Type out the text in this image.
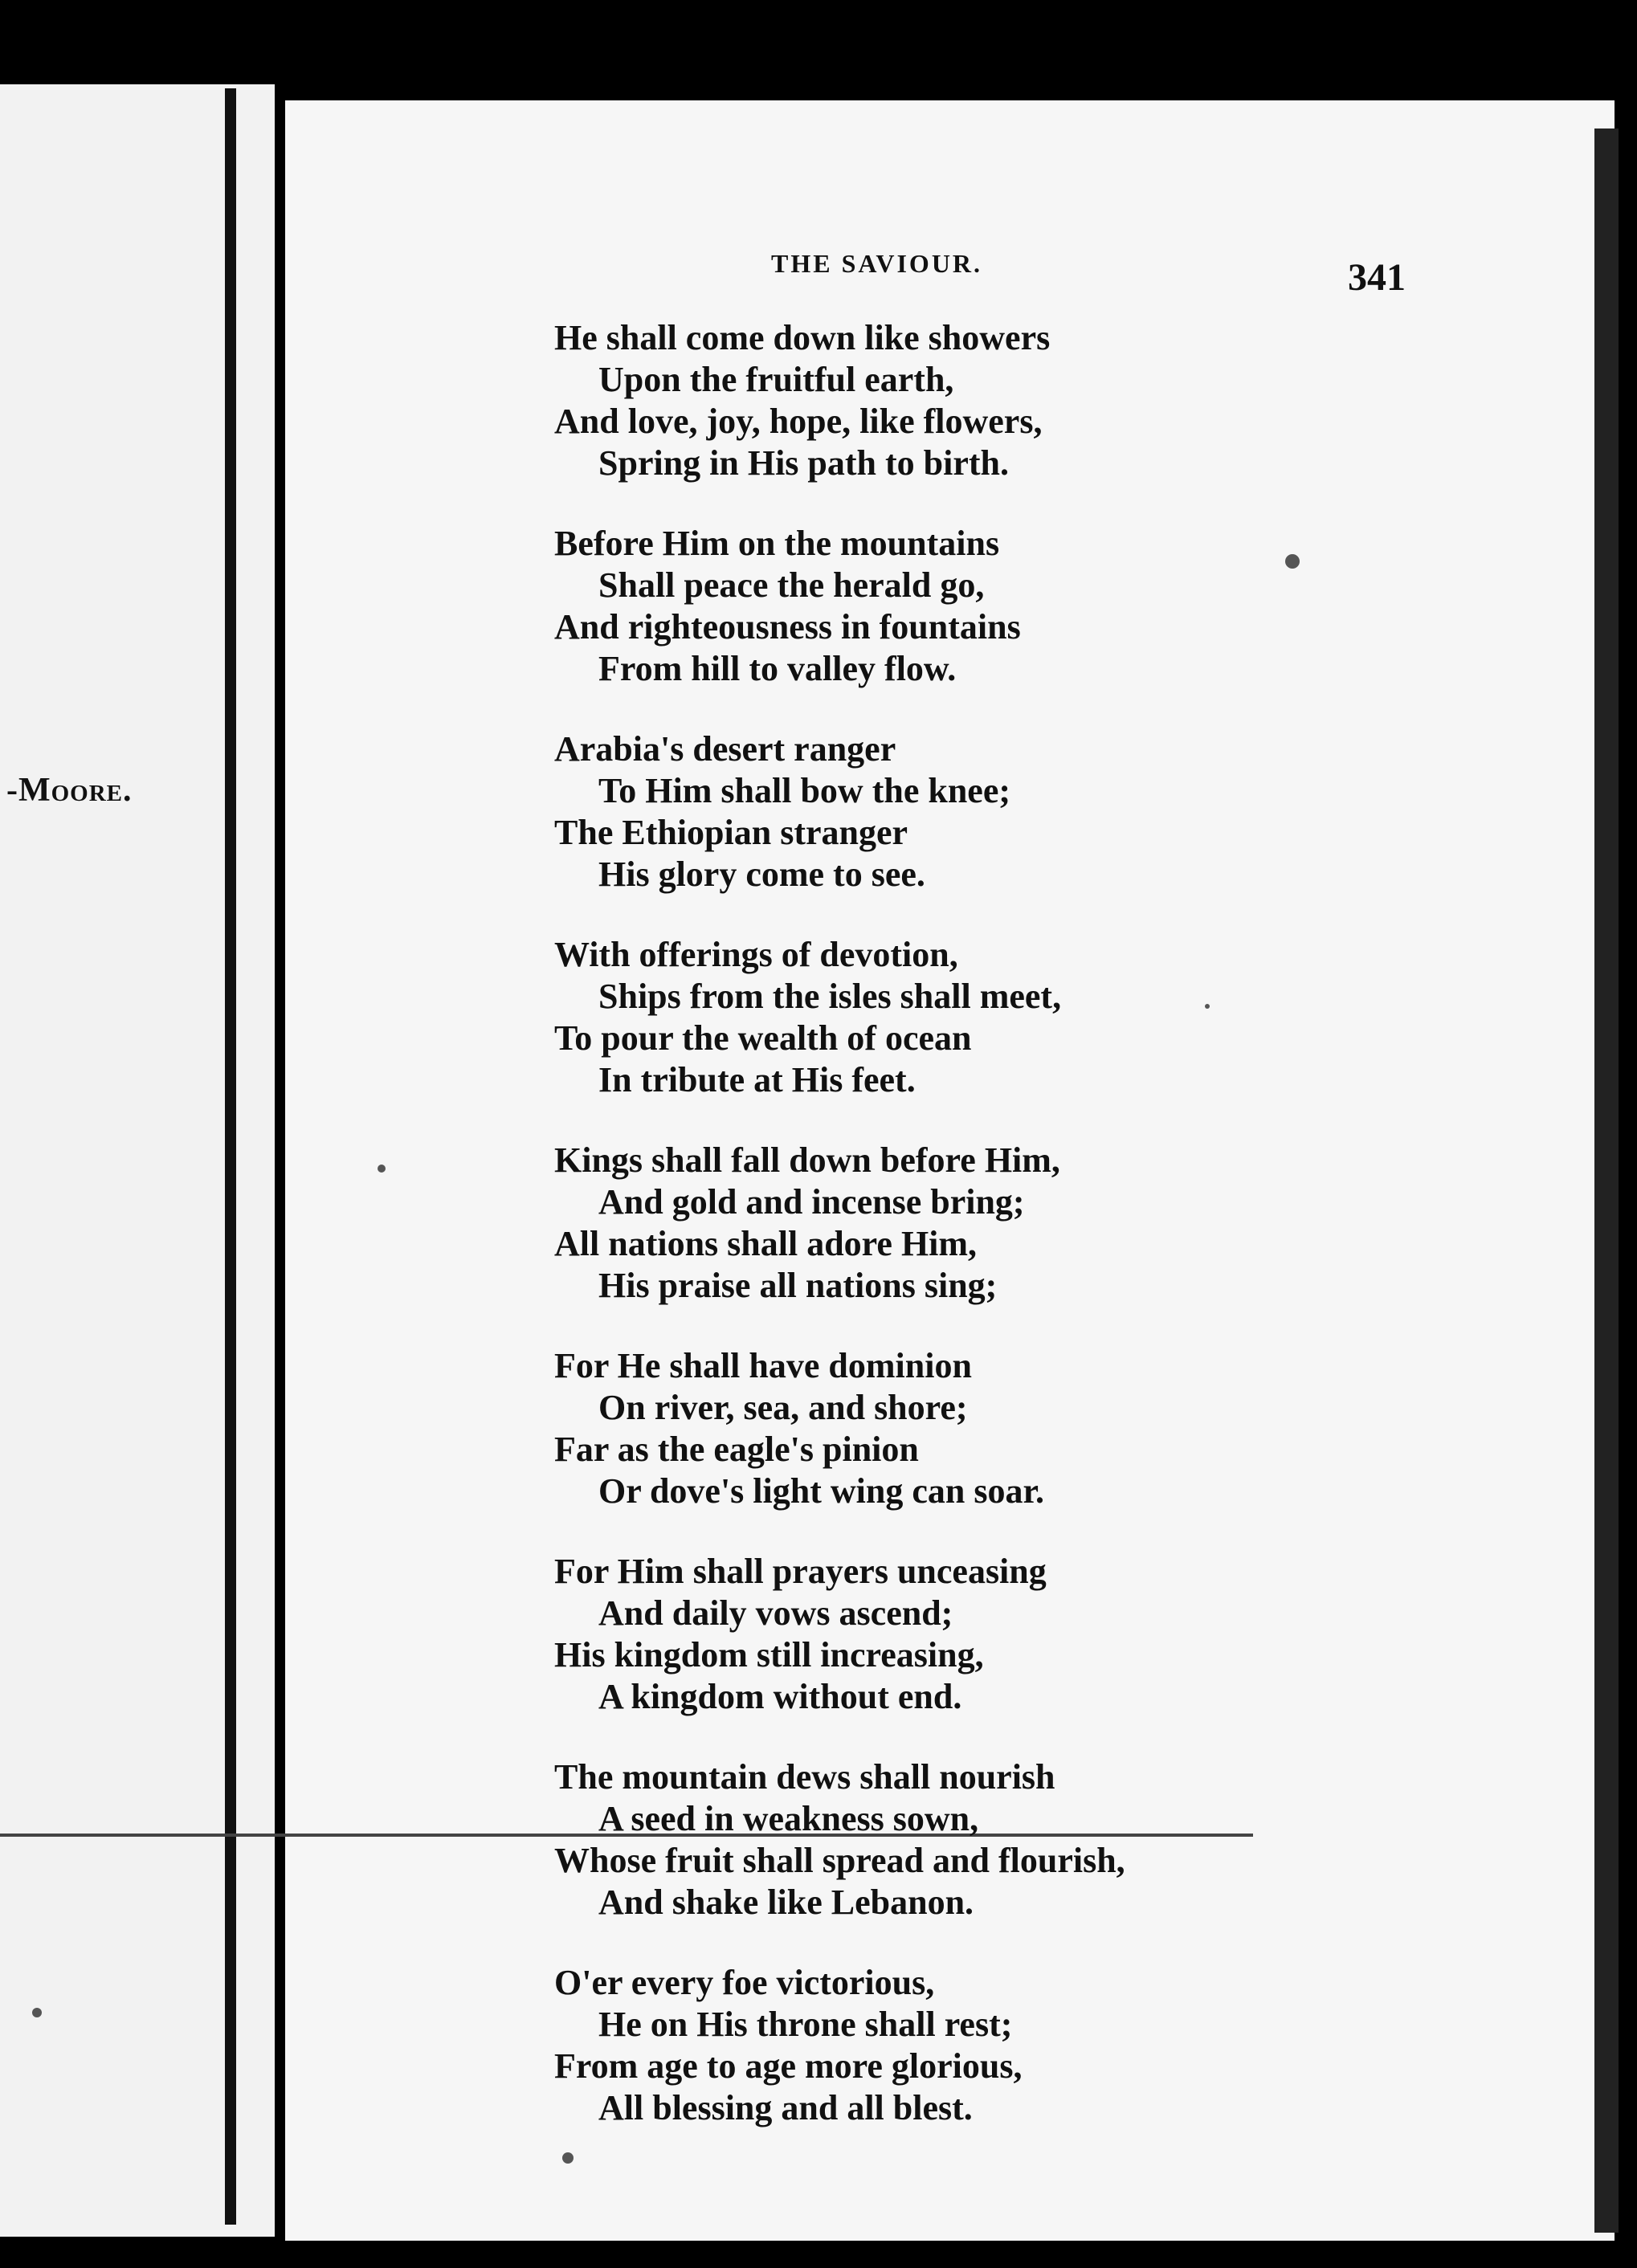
-Moore.
THE SAVIOUR.	341
He shall come down like showers
Upon the fruitful earth,
And love, joy, hope, like flowers,
Spring in His path to birth.
Before Him on the mountains
Shall peace the herald go,
And righteousness in fountains
From hill to valley flow.
Arabia's desert ranger
To Him shall bow the knee;
The Ethiopian stranger
His glory come to see.
With offerings of devotion,
Ships from the isles shall meet,
To pour the wealth of ocean
In tribute at His feet.
Kings shall fall down before Him,
And gold and incense bring;
All nations shall adore Him,
His praise all nations sing;
For He shall have dominion
On river, sea, and shore;
Far as the eagle's pinion
Or dove's light wing can soar.
For Him shall prayers unceasing
And daily vows ascend;
His kingdom still increasing,
A kingdom without end.
The mountain dews shall nourish
A seed in weakness sown,
Whose fruit shall spread and flourish,
And shake like Lebanon.
O'er every foe victorious,
He on His throne shall rest;
From age to age more glorious,
All blessing and all blest.
